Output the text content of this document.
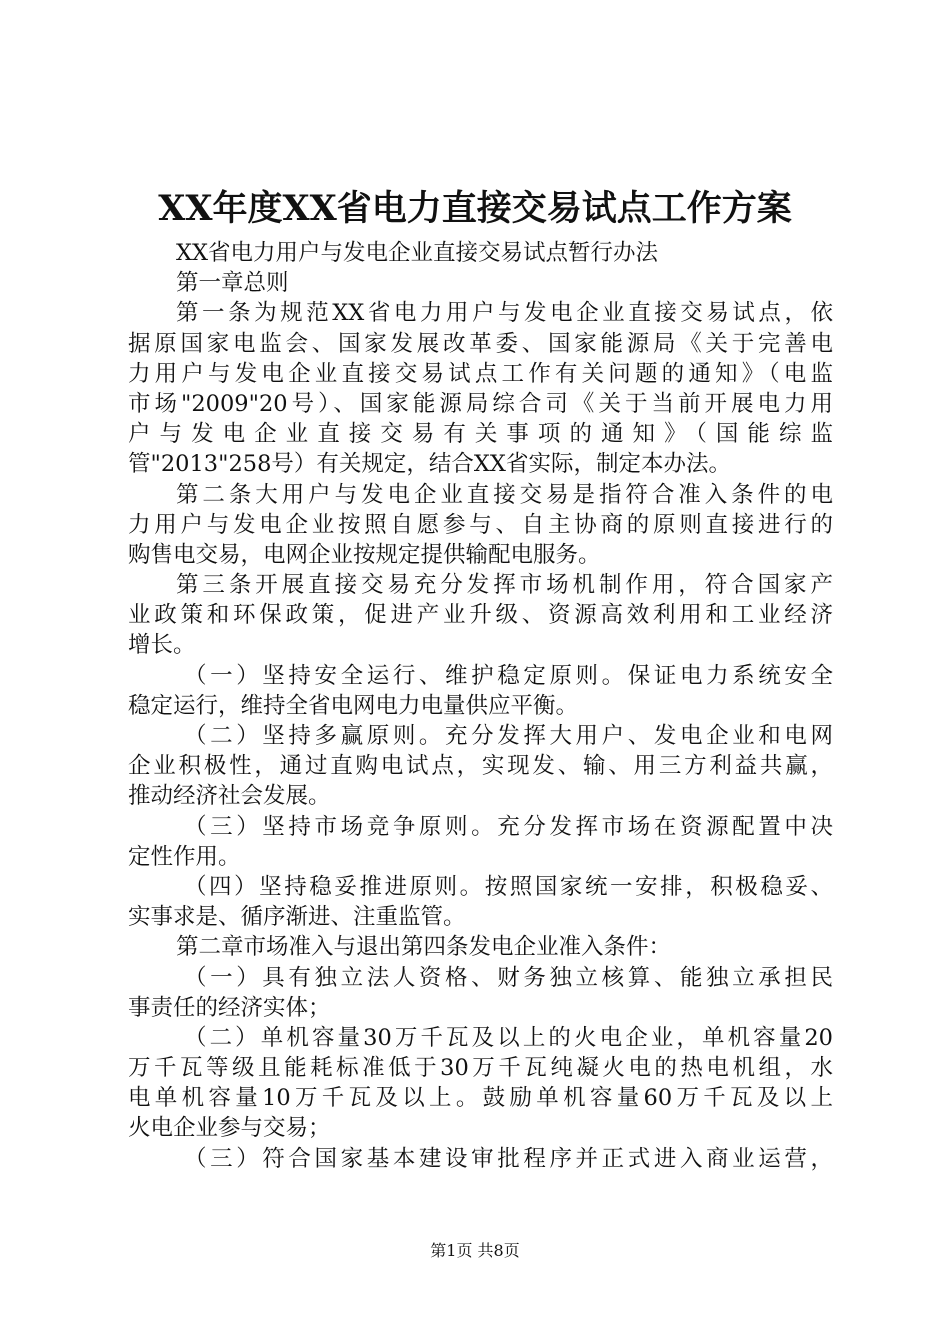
XX年度XX省电力直接交易试点工作方案
XX省电力用户与发电企业直接交易试点暂行办法
第一章总则
第一条为规范XX省电力用户与发电企业直接交易试点，依
据原国家电监会、国家发展改革委、国家能源局《关于完善电
力用户与发电企业直接交易试点工作有关问题的通知》（电监
市场"2009"20号）、国家能源局综合司《关于当前开展电力用
户与发电企业直接交易有关事项的通知》（国能综监
管"2013"258号）有关规定，结合XX省实际，制定本办法。
第二条大用户与发电企业直接交易是指符合准入条件的电
力用户与发电企业按照自愿参与、自主协商的原则直接进行的
购售电交易，电网企业按规定提供输配电服务。
第三条开展直接交易充分发挥市场机制作用，符合国家产
业政策和环保政策，促进产业升级、资源高效利用和工业经济
增长。
（一）坚持安全运行、维护稳定原则。保证电力系统安全
稳定运行，维持全省电网电力电量供应平衡。
（二）坚持多赢原则。充分发挥大用户、发电企业和电网
企业积极性，通过直购电试点，实现发、输、用三方利益共赢，
推动经济社会发展。
（三）坚持市场竞争原则。充分发挥市场在资源配置中决
定性作用。
（四）坚持稳妥推进原则。按照国家统一安排，积极稳妥、
实事求是、循序渐进、注重监管。
第二章市场准入与退出第四条发电企业准入条件：
（一）具有独立法人资格、财务独立核算、能独立承担民
事责任的经济实体；
（二）单机容量30万千瓦及以上的火电企业，单机容量20
万千瓦等级且能耗标准低于30万千瓦纯凝火电的热电机组，水
电单机容量10万千瓦及以上。鼓励单机容量60万千瓦及以上
火电企业参与交易；
（三）符合国家基本建设审批程序并正式进入商业运营，
第1页 共8页
